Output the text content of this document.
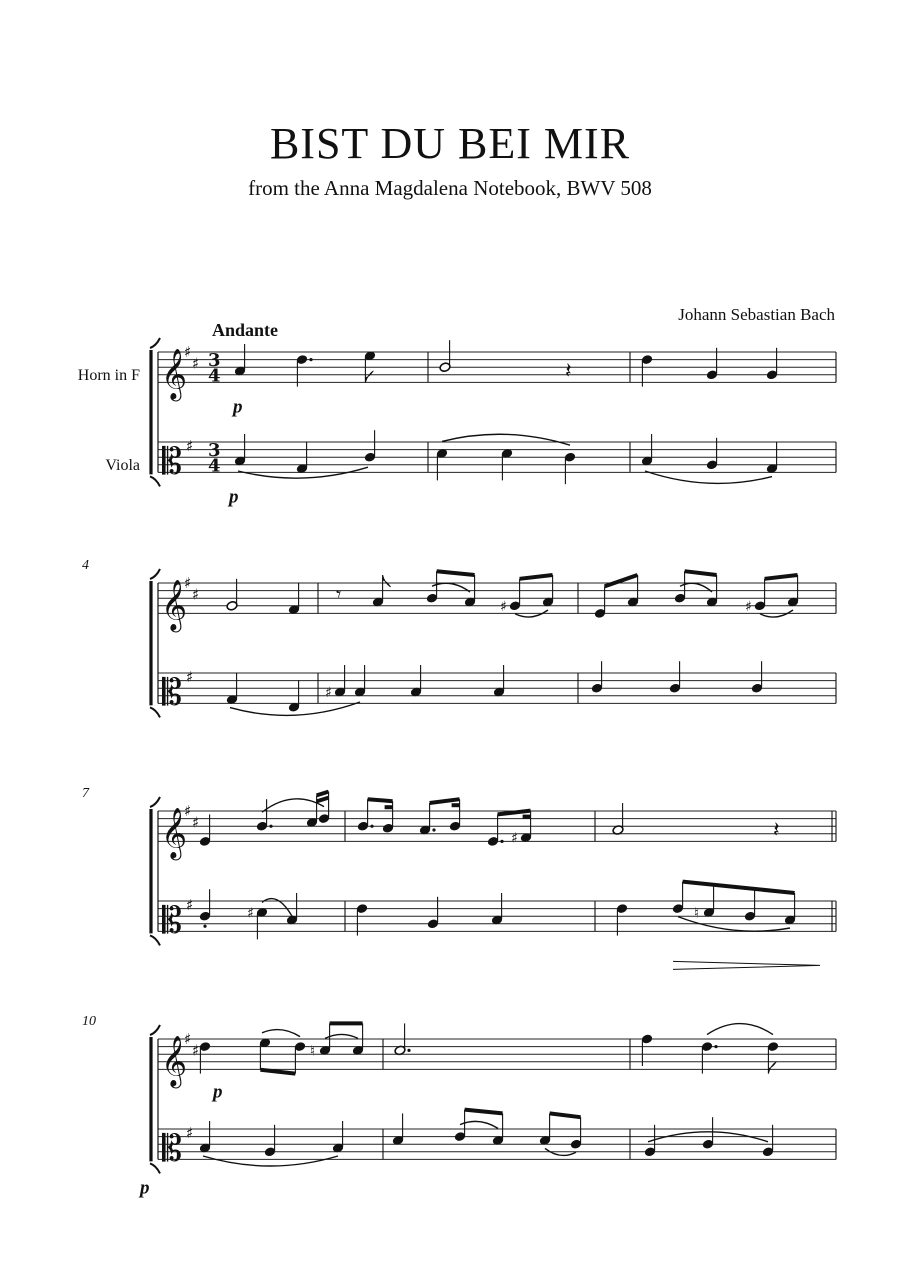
BIST DU BEI MIR
from the Anna Magdalena Notebook, BWV 508
Johann Sebastian Bach
Andante
Horn in F
Viola
𝄞
𝄡
♯
♯
♯
3
4
3
4
𝄞
𝄡
♯
♯
♯
𝄞
𝄡
♯
♯
♯
𝄞
𝄡
♯
♯
♯
𝄽
𝄾
♯	♯
♯
♯	𝄽
♯	♮
♮
4
7
10
p
p
p
p
